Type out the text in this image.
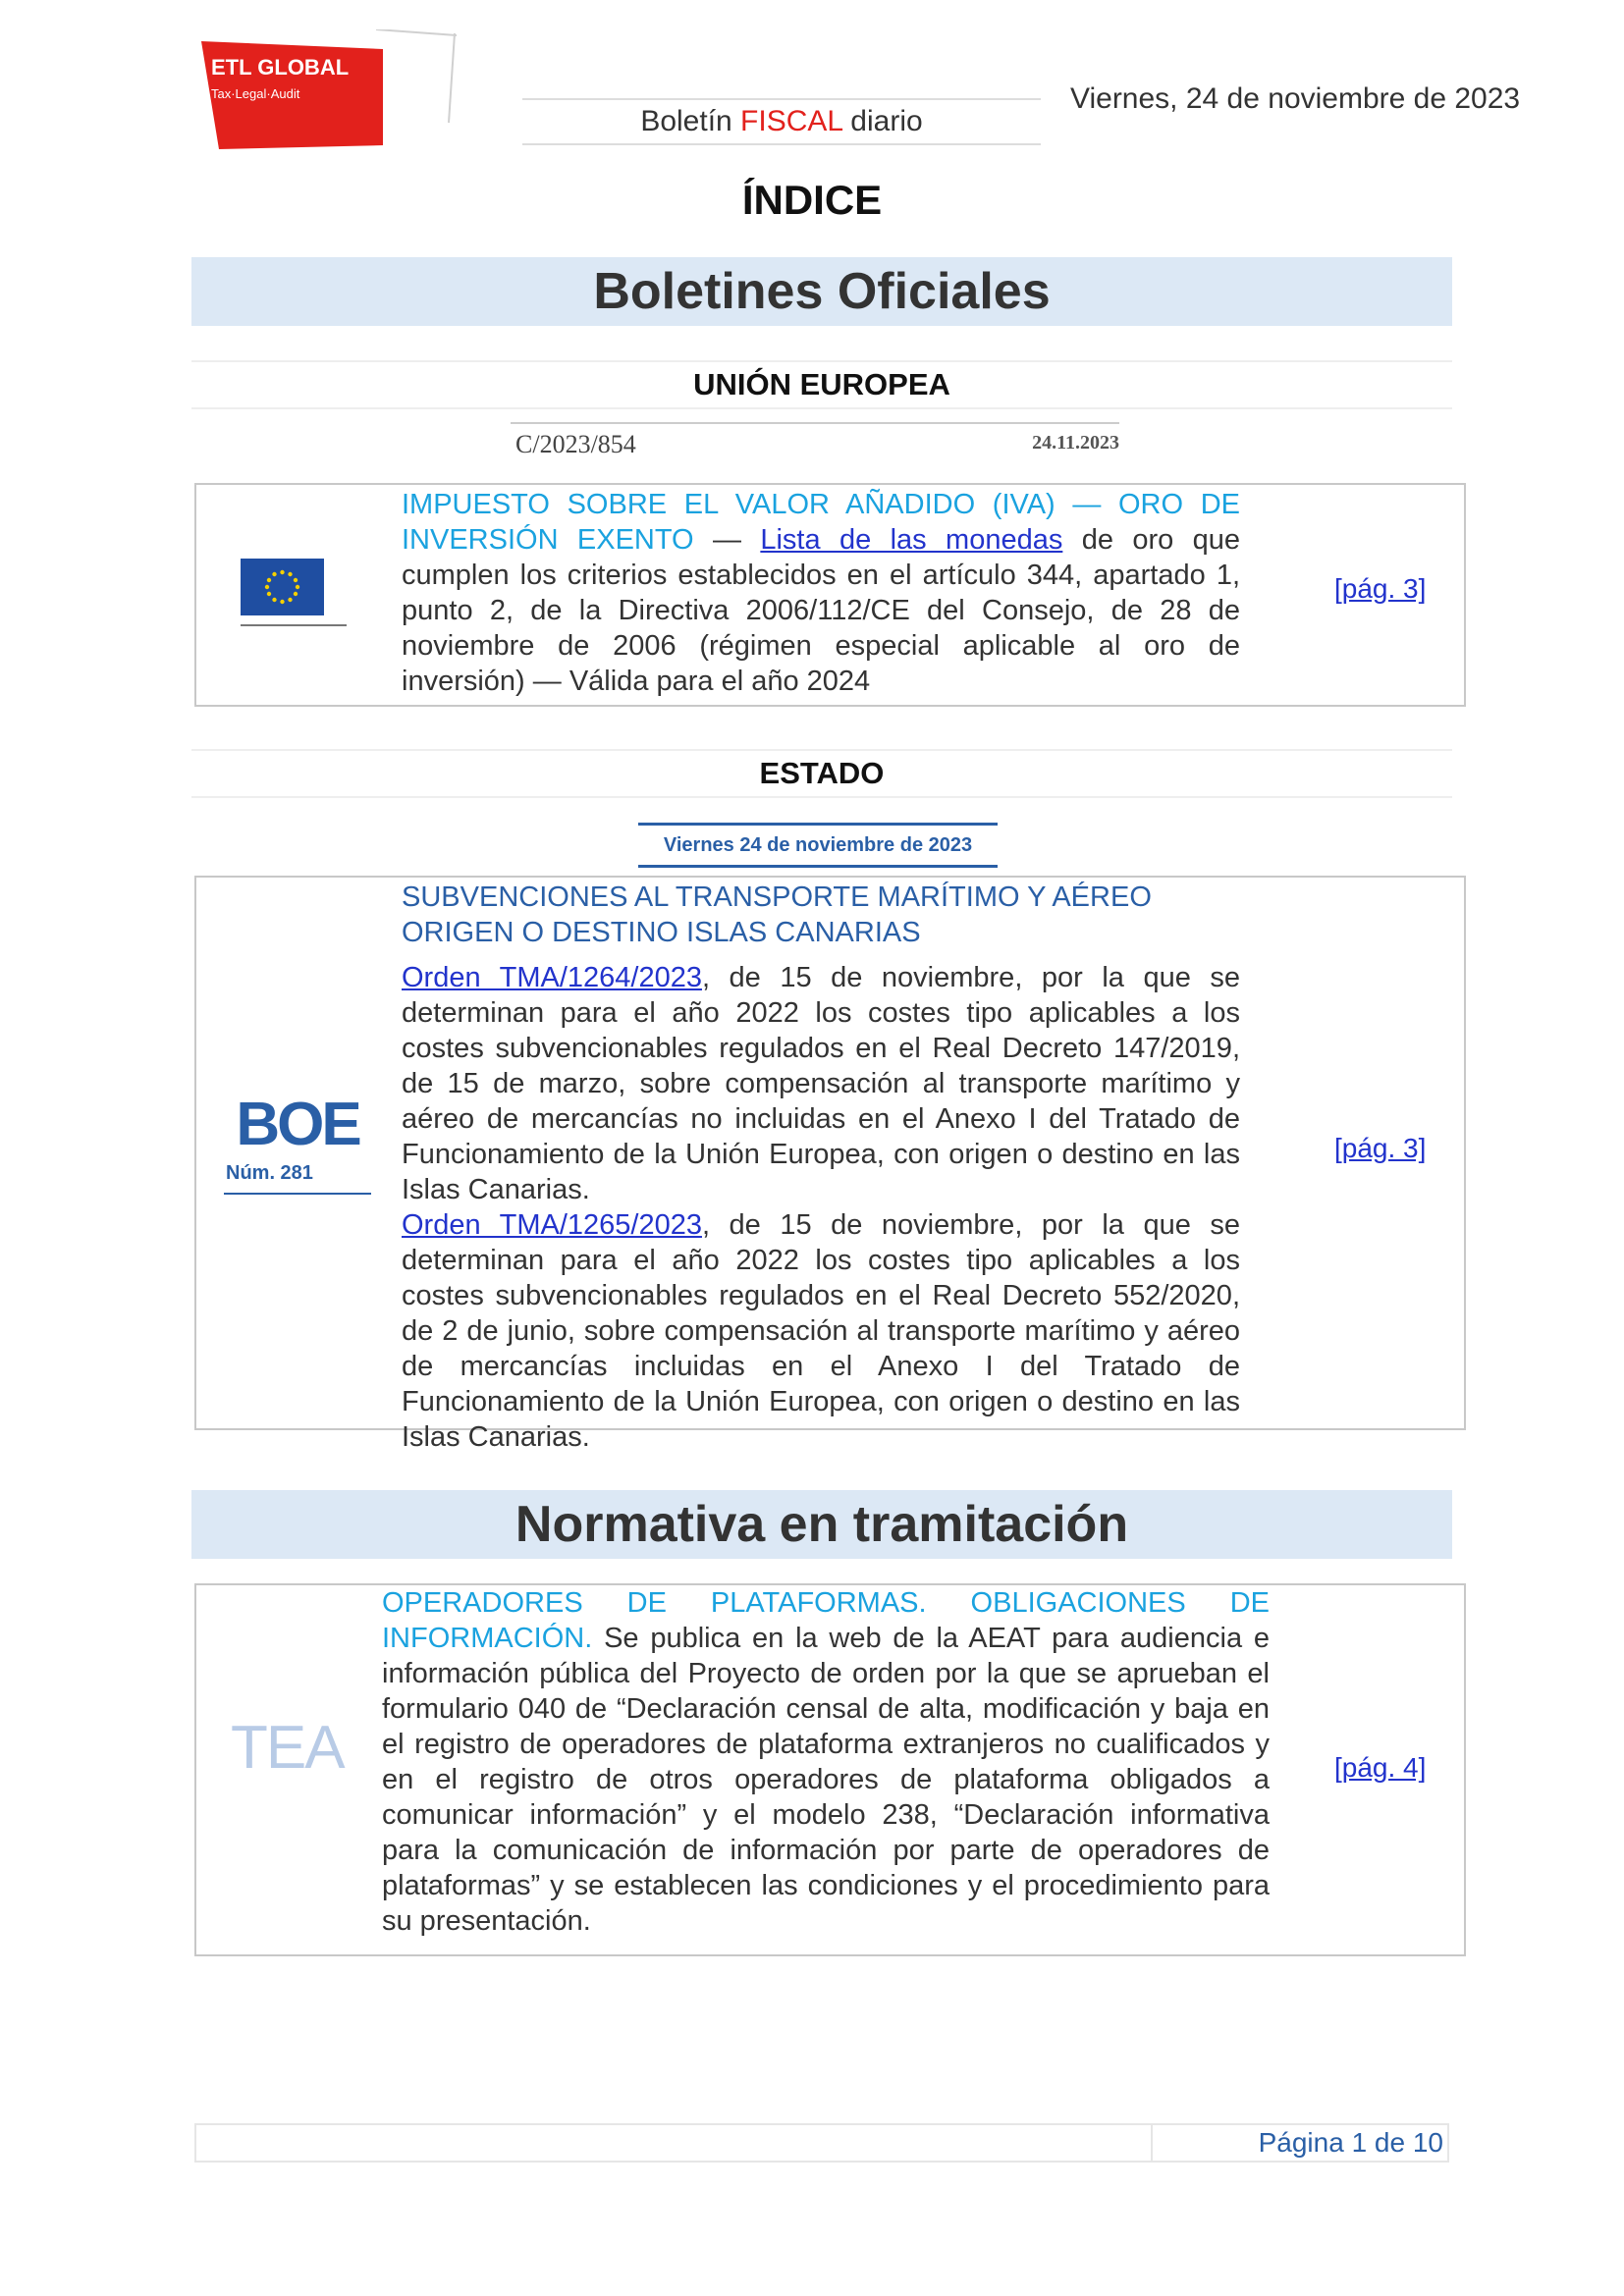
ETL GLOBAL
Tax·Legal·Audit
Boletín FISCAL diario
Viernes, 24 de noviembre de 2023
ÍNDICE
Boletines Oficiales
UNIÓN EUROPEA
C/2023/854	24.11.2023
IMPUESTO SOBRE EL VALOR AÑADIDO (IVA) — ORO DE INVERSIÓN EXENTO — Lista de las monedas de oro que cumplen los criterios establecidos en el artículo 344, apartado 1, punto 2, de la Directiva 2006/112/CE del Consejo, de 28 de noviembre de 2006 (régimen especial aplicable al oro de inversión) — Válida para el año 2024
[pág. 3]
ESTADO
Viernes 24 de noviembre de 2023
BOE
Núm. 281
SUBVENCIONES AL TRANSPORTE MARÍTIMO Y AÉREO ORIGEN O DESTINO ISLAS CANARIAS
Orden TMA/1264/2023, de 15 de noviembre, por la que se determinan para el año 2022 los costes tipo aplicables a los costes subvencionables regulados en el Real Decreto 147/2019, de 15 de marzo, sobre compensación al transporte marítimo y aéreo de mercancías no incluidas en el Anexo I del Tratado de Funcionamiento de la Unión Europea, con origen o destino en las Islas Canarias.
Orden TMA/1265/2023, de 15 de noviembre, por la que se determinan para el año 2022 los costes tipo aplicables a los costes subvencionables regulados en el Real Decreto 552/2020, de 2 de junio, sobre compensación al transporte marítimo y aéreo de mercancías incluidas en el Anexo I del Tratado de Funcionamiento de la Unión Europea, con origen o destino en las Islas Canarias.
[pág. 3]
Normativa en tramitación
TEA
OPERADORES DE PLATAFORMAS. OBLIGACIONES DE INFORMACIÓN. Se publica en la web de la AEAT para audiencia e información pública del Proyecto de orden por la que se aprueban el formulario 040 de “Declaración censal de alta, modificación y baja en el registro de operadores de plataforma extranjeros no cualificados y en el registro de otros operadores de plataforma obligados a comunicar información” y el modelo 238, “Declaración informativa para la comunicación de información por parte de operadores de plataformas” y se establecen las condiciones y el procedimiento para su presentación.
[pág. 4]
Página 1 de 10
